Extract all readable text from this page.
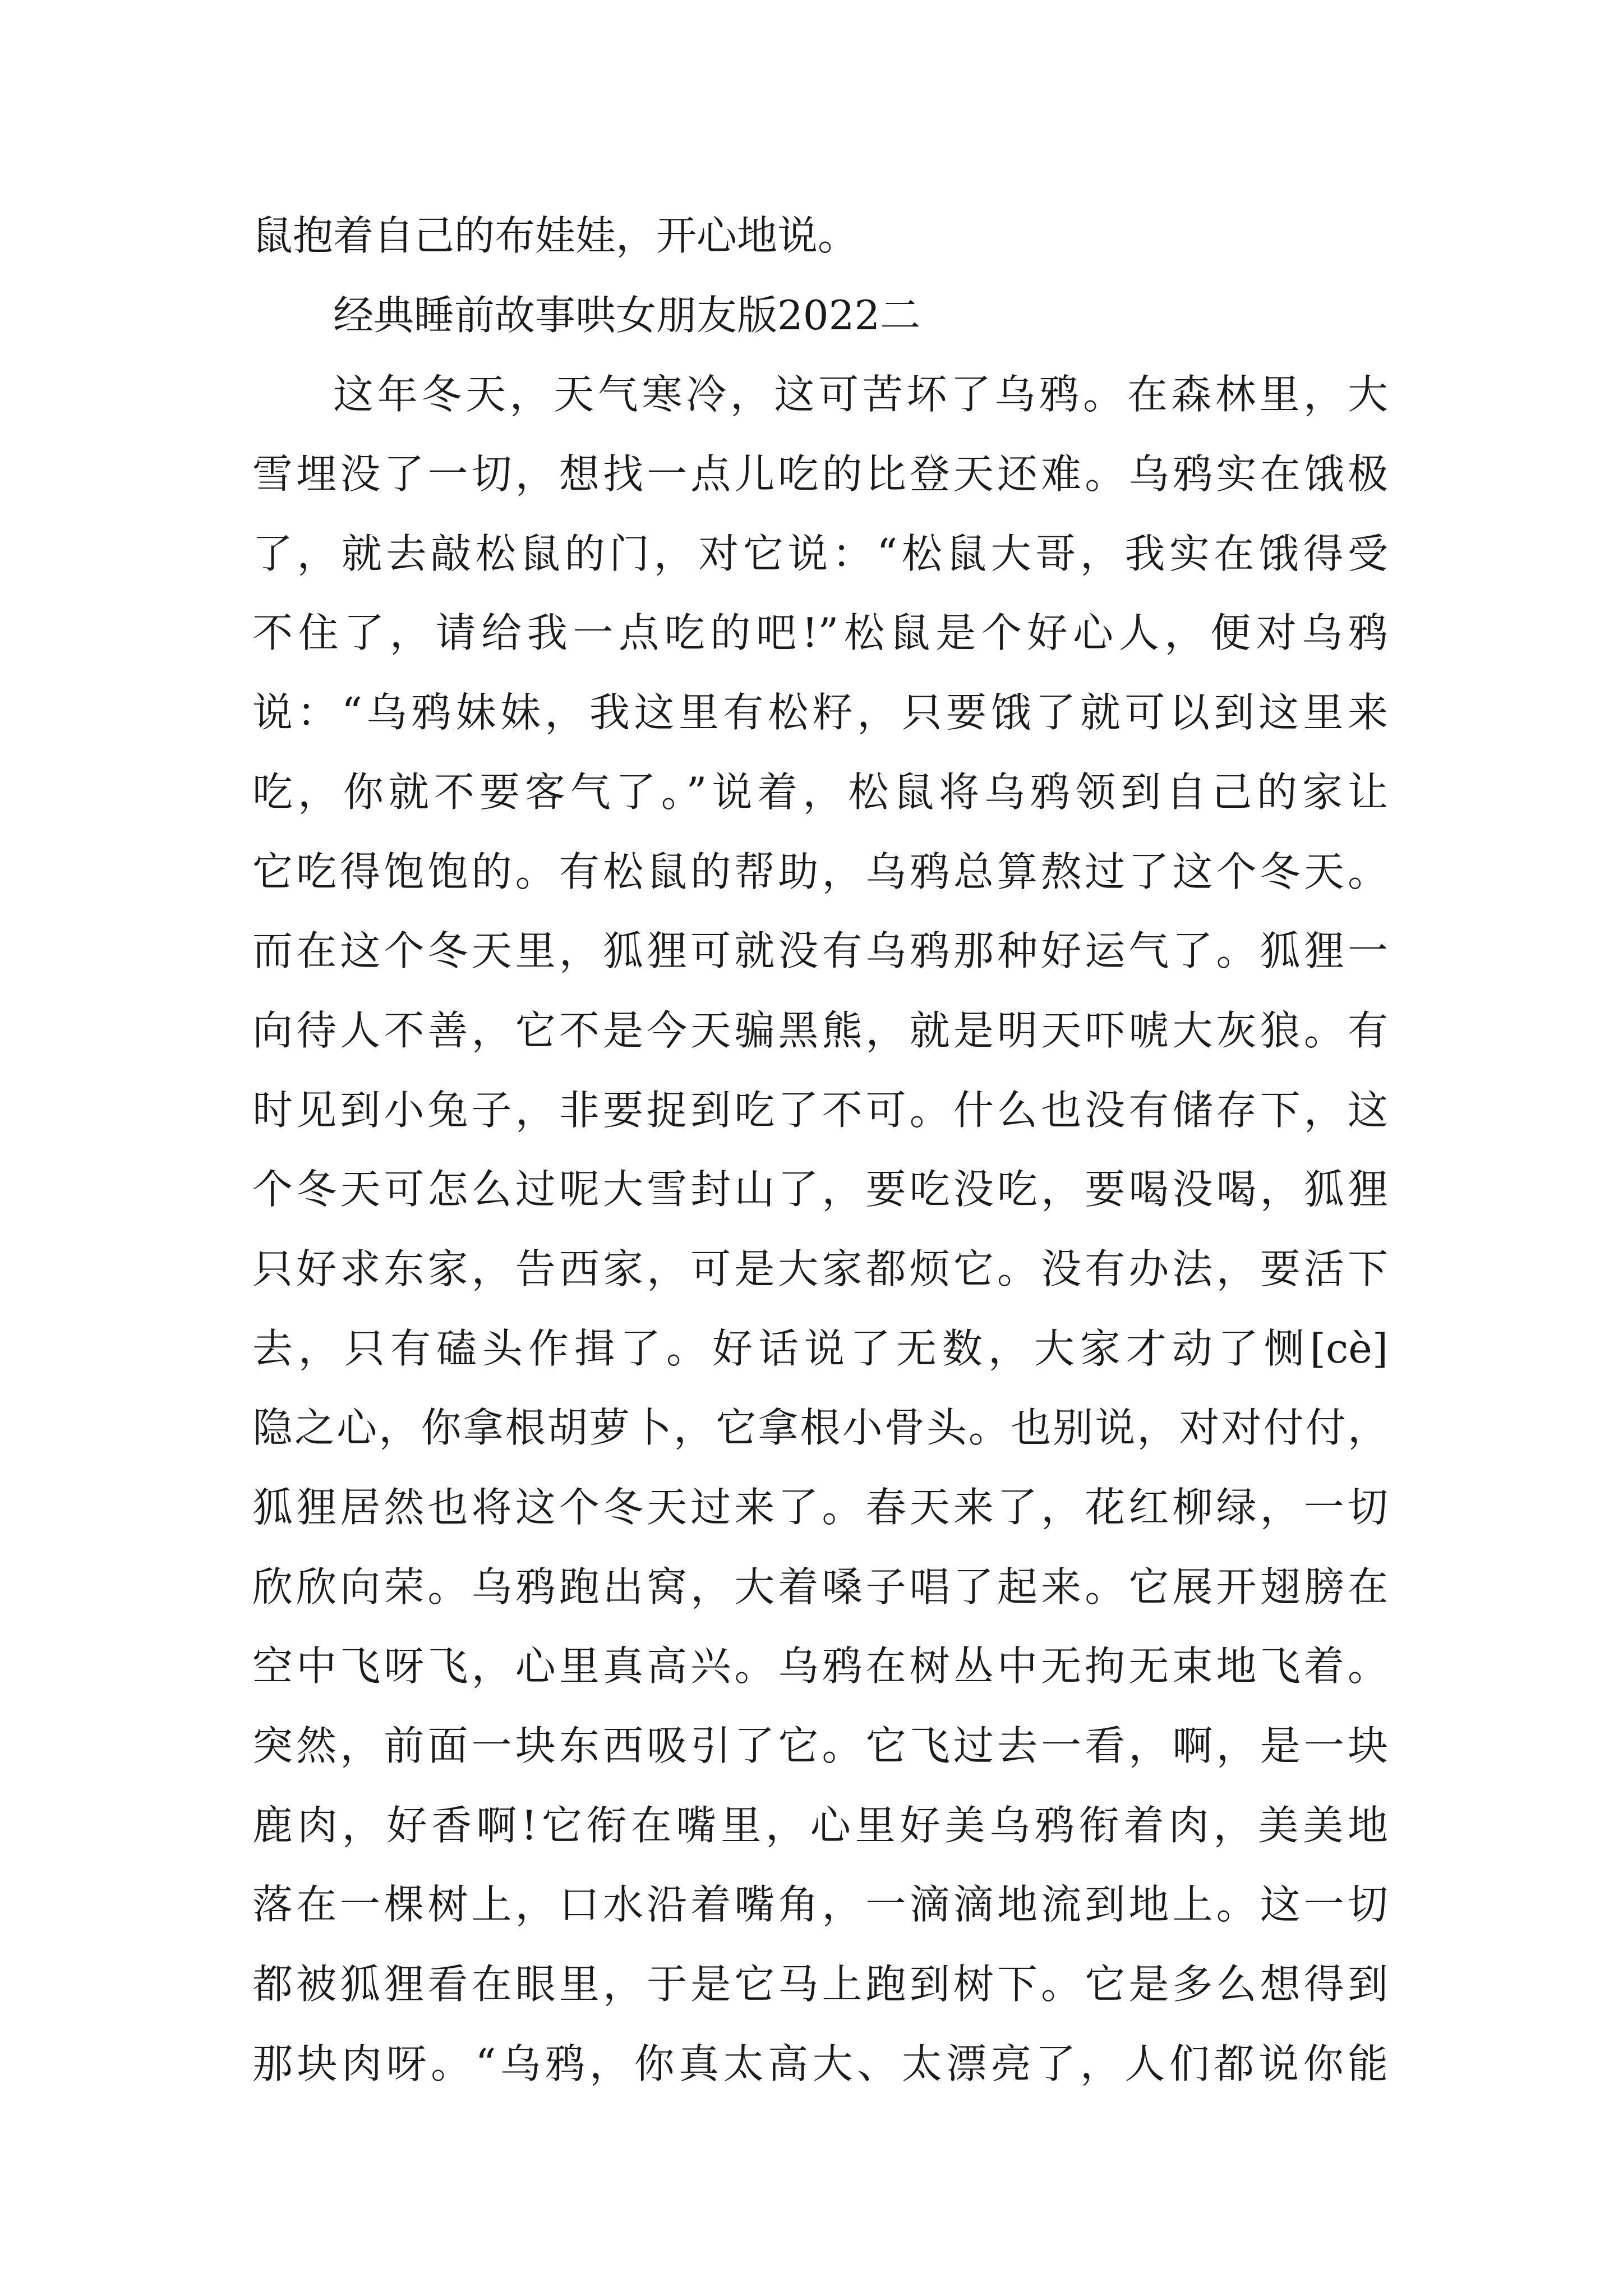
鼠抱着自己的布娃娃，开心地说。
经典睡前故事哄女朋友版2022二
这年冬天，天气寒冷，这可苦坏了乌鸦。在森林里，大
雪埋没了一切，想找一点儿吃的比登天还难。乌鸦实在饿极
了，就去敲松鼠的门，对它说：“松鼠大哥，我实在饿得受
不住了，请给我一点吃的吧!”松鼠是个好心人，便对乌鸦
说：“乌鸦妹妹，我这里有松籽，只要饿了就可以到这里来
吃，你就不要客气了。”说着，松鼠将乌鸦领到自己的家让
它吃得饱饱的。有松鼠的帮助，乌鸦总算熬过了这个冬天。
而在这个冬天里，狐狸可就没有乌鸦那种好运气了。狐狸一
向待人不善，它不是今天骗黑熊，就是明天吓唬大灰狼。有
时见到小兔子，非要捉到吃了不可。什么也没有储存下，这
个冬天可怎么过呢大雪封山了，要吃没吃，要喝没喝，狐狸
只好求东家，告西家，可是大家都烦它。没有办法，要活下
去，只有磕头作揖了。好话说了无数，大家才动了恻[cè]
隐之心，你拿根胡萝卜，它拿根小骨头。也别说，对对付付，
狐狸居然也将这个冬天过来了。春天来了，花红柳绿，一切
欣欣向荣。乌鸦跑出窝，大着嗓子唱了起来。它展开翅膀在
空中飞呀飞，心里真高兴。乌鸦在树丛中无拘无束地飞着。
突然，前面一块东西吸引了它。它飞过去一看，啊，是一块
鹿肉，好香啊!它衔在嘴里，心里好美乌鸦衔着肉，美美地
落在一棵树上，口水沿着嘴角，一滴滴地流到地上。这一切
都被狐狸看在眼里，于是它马上跑到树下。它是多么想得到
那块肉呀。“乌鸦，你真太高大、太漂亮了，人们都说你能
